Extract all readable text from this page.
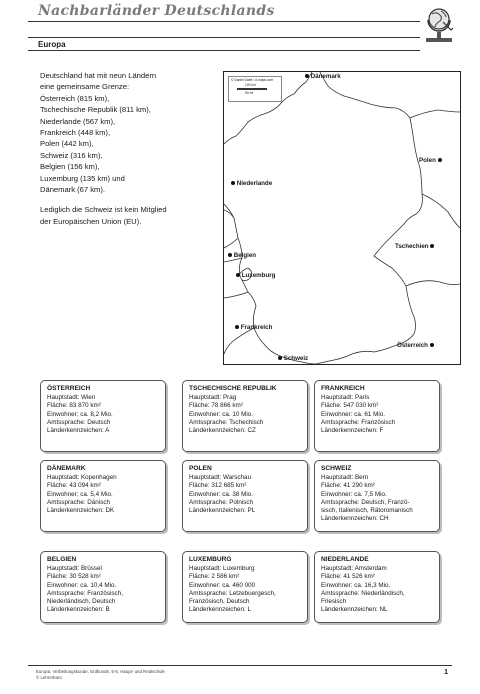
Nachbarländer Deutschlands
Europa

Deutschland hat mit neun Ländern
eine gemeinsame Grenze:
Österreich (815 km),
Tschechische Republik (811 km),
Niederlande (567 km),
Frankreich (448 km),
Polen (442 km),
Schweiz (316 km),
Belgien (156 km),
Luxemburg (135 km) und
Dänemark (67 km).

Lediglich die Schweiz ist kein Mitglied
der Europäischen Union (EU).

© Daniel Dalet / d-maps.com
100 km
50 mi
Dänemark
Niederlande
Polen
Belgien
Luxemburg
Tschechien
Frankreich
Österreich
Schweiz
ÖSTERREICH
Hauptstadt: Wien
Fläche: 83 870 km²
Einwohner: ca. 8,2 Mio.
Amtssprache: Deutsch
Länderkennzeichen: A
TSCHECHISCHE REPUBLIK
Hauptstadt: Prag
Fläche: 78 866 km²
Einwohner: ca. 10 Mio.
Amtssprache: Tschechisch
Länderkennzeichen: CZ
FRANKREICH
Hauptstadt: Paris
Fläche: 547 030 km²
Einwohner: ca. 61 Mio.
Amtssprache: Französisch
Länderkennzeichen: F
DÄNEMARK
Hauptstadt: Kopenhagen
Fläche: 43 094 km²
Einwohner: ca. 5,4 Mio.
Amtssprache: Dänisch
Länderkennzeichen: DK
POLEN
Hauptstadt: Warschau
Fläche: 312 685 km²
Einwohner: ca. 38 Mio.
Amtssprache: Polnisch
Länderkennzeichen: PL
SCHWEIZ
Hauptstadt: Bern
Fläche: 41 290 km²
Einwohner: ca. 7,5 Mio.
Amtssprache: Deutsch, Franzö-
sisch, Italienisch, Rätoromanisch
Länderkennzeichen: CH
BELGIEN
Hauptstadt: Brüssel
Fläche: 30 528 km²
Einwohner: ca. 10,4 Mio.
Amtssprache: Französisch,
Niederländisch, Deutsch
Länderkennzeichen: B
LUXEMBURG
Hauptstadt: Luxemburg
Fläche: 2 586 km²
Einwohner: ca. 460 000
Amtssprache: Letzebuergesch,
Französisch, Deutsch
Länderkennzeichen: L
NIEDERLANDE
Hauptstadt: Amsterdam
Fläche: 41 526 km²
Einwohner: ca. 16,3 Mio.
Amtssprache: Niederländisch,
Friesisch
Länderkennzeichen: NL
Europa, Verbeitungskunde, Erdkunde, 5-6, Haupt- und Realschule
© Lehrerbüro
1
